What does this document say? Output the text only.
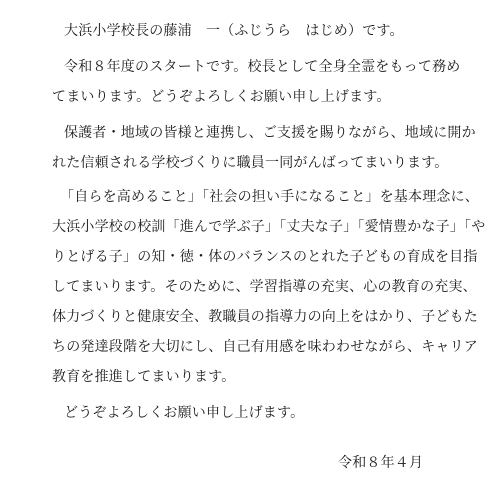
大浜小学校長の藤浦　一（ふじうら　はじめ）です。
令和８年度のスタートです。校長として全身全霊をもって務め
てまいります。どうぞよろしくお願い申し上げます。
保護者・地域の皆様と連携し、ご支援を賜りながら、地域に開か
れた信頼される学校づくりに職員一同がんばってまいります。
「自らを高めること」「社会の担い手になること」を基本理念に、
大浜小学校の校訓「進んで学ぶ子」「丈夫な子」「愛情豊かな子」「や
りとげる子」の知・徳・体のバランスのとれた子どもの育成を目指
してまいります。そのために、学習指導の充実、心の教育の充実、
体力づくりと健康安全、教職員の指導力の向上をはかり、子どもた
ちの発達段階を大切にし、自己有用感を味わわせながら、キャリア
教育を推進してまいります。
どうぞよろしくお願い申し上げます。
令和８年４月
